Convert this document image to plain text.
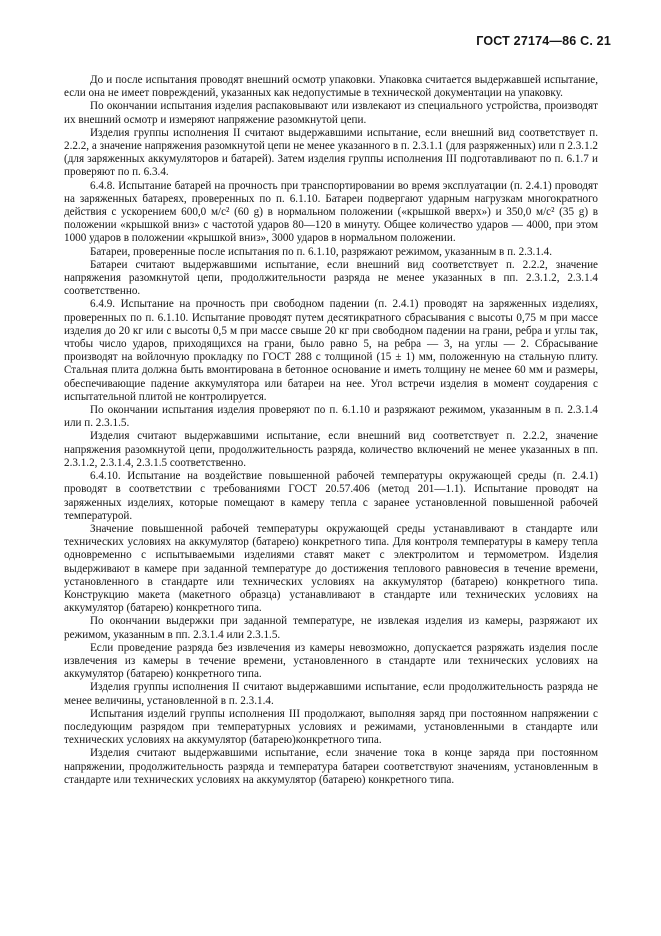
ГОСТ 27174—86 С. 21

До и после испытания проводят внешний осмотр упаковки. Упаковка считается выдержавшей испытание, если она не имеет повреждений, указанных как недопустимые в технической документации на упаковку.

По окончании испытания изделия распаковывают или извлекают из специального устройства, производят их внешний осмотр и измеряют напряжение разомкнутой цепи.

Изделия группы исполнения II считают выдержавшими испытание, если внешний вид соответствует п. 2.2.2, а значение напряжения разомкнутой цепи не менее указанного в п. 2.3.1.1 (для разряженных) или п 2.3.1.2 (для заряженных аккумуляторов и батарей). Затем изделия группы исполнения III подготавливают по п. 6.1.7 и проверяют по п. 6.3.4.

6.4.8. Испытание батарей на прочность при транспортировании во время эксплуатации (п. 2.4.1) проводят на заряженных батареях, проверенных по п. 6.1.10. Батареи подвергают ударным нагрузкам многократного действия с ускорением 600,0 м/с² (60 g) в нормальном положении («крышкой вверх») и 350,0 м/с² (35 g) в положении «крышкой вниз» с частотой ударов 80—120 в минуту. Общее количество ударов — 4000, при этом 1000 ударов в положении «крышкой вниз», 3000 ударов в нормальном положении.

Батареи, проверенные после испытания по п. 6.1.10, разряжают режимом, указанным в п. 2.3.1.4.

Батареи считают выдержавшими испытание, если внешний вид соответствует п. 2.2.2, значение напряжения разомкнутой цепи, продолжительности разряда не менее указанных в пп. 2.3.1.2, 2.3.1.4 соответственно.

6.4.9. Испытание на прочность при свободном падении (п. 2.4.1) проводят на заряженных изделиях, проверенных по п. 6.1.10. Испытание проводят путем десятикратного сбрасывания с высоты 0,75 м при массе изделия до 20 кг или с высоты 0,5 м при массе свыше 20 кг при свободном падении на грани, ребра и углы так, чтобы число ударов, приходящихся на грани, было равно 5, на ребра — 3, на углы — 2. Сбрасывание производят на войлочную прокладку по ГОСТ 288 с толщиной (15 ± 1) мм, положенную на стальную плиту. Стальная плита должна быть вмонтирована в бетонное основание и иметь толщину не менее 60 мм и размеры, обеспечивающие падение аккумулятора или батареи на нее. Угол встречи изделия в момент соударения с испытательной плитой не контролируется.

По окончании испытания изделия проверяют по п. 6.1.10 и разряжают режимом, указанным в п. 2.3.1.4 или п. 2.3.1.5.

Изделия считают выдержавшими испытание, если внешний вид соответствует п. 2.2.2, значение напряжения разомкнутой цепи, продолжительность разряда, количество включений не менее указанных в пп. 2.3.1.2, 2.3.1.4, 2.3.1.5 соответственно.

6.4.10. Испытание на воздействие повышенной рабочей температуры окружающей среды (п. 2.4.1) проводят в соответствии с требованиями ГОСТ 20.57.406 (метод 201—1.1). Испытание проводят на заряженных изделиях, которые помещают в камеру тепла с заранее установленной повышенной рабочей температурой.

Значение повышенной рабочей температуры окружающей среды устанавливают в стандарте или технических условиях на аккумулятор (батарею) конкретного типа. Для контроля температуры в камеру тепла одновременно с испытываемыми изделиями ставят макет с электролитом и термометром. Изделия выдерживают в камере при заданной температуре до достижения теплового равновесия в течение времени, установленного в стандарте или технических условиях на аккумулятор (батарею) конкретного типа. Конструкцию макета (макетного образца) устанавливают в стандарте или технических условиях на аккумулятор (батарею) конкретного типа.

По окончании выдержки при заданной температуре, не извлекая изделия из камеры, разряжают их режимом, указанным в пп. 2.3.1.4 или 2.3.1.5.

Если проведение разряда без извлечения из камеры невозможно, допускается разряжать изделия после извлечения из камеры в течение времени, установленного в стандарте или технических условиях на аккумулятор (батарею) конкретного типа.

Изделия группы исполнения II считают выдержавшими испытание, если продолжительность разряда не менее величины, установленной в п. 2.3.1.4.

Испытания изделий группы исполнения III продолжают, выполняя заряд при постоянном напряжении с последующим разрядом при температурных условиях и режимами, установленными в стандарте или технических условиях на аккумулятор (батарею)конкретного типа.

Изделия считают выдержавшими испытание, если значение тока в конце заряда при постоянном напряжении, продолжительность разряда и температура батареи соответствуют значениям, установленным в стандарте или технических условиях на аккумулятор (батарею) конкретного типа.
